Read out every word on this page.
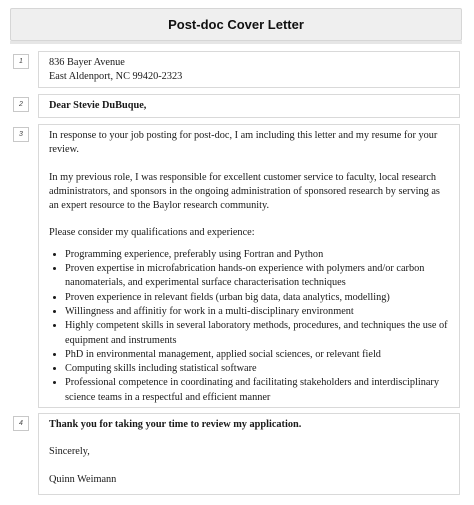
Post-doc Cover Letter
1	836 Bayer Avenue

East Aldenport, NC 99420-2323

2	Dear Stevie DuBuque,

3	In response to your job posting for post-doc, I am including this letter and my resume for your review.

In my previous role, I was responsible for excellent customer service to faculty, local research administrators, and sponsors in the ongoing administration of sponsored research by serving as an expert resource to the Baylor research community.

Please consider my qualifications and experience:

• Programming experience, preferably using Fortran and Python
• Proven expertise in microfabrication hands-on experience with polymers and/or carbon nanomaterials, and experimental surface characterisation techniques
• Proven experience in relevant fields (urban big data, data analytics, modelling)
• Willingness and affinitiy for work in a multi-disciplinary environment
• Highly competent skills in several laboratory methods, procedures, and techniques the use of equipment and instruments
• PhD in environmental management, applied social sciences, or relevant field
• Computing skills including statistical software
• Professional competence in coordinating and facilitating stakeholders and interdisciplinary science teams in a respectful and efficient manner
4	Thank you for taking your time to review my application.

Sincerely,

Quinn Weimann
